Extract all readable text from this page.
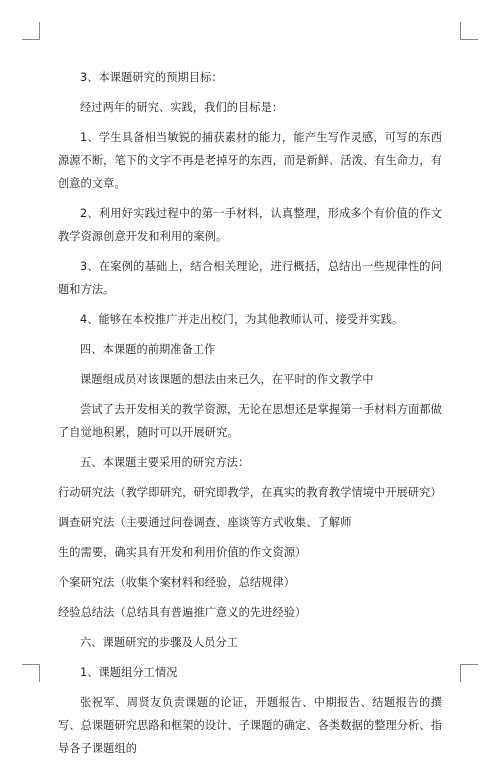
3、本课题研究的预期目标：

经过两年的研究、实践，我们的目标是：

1、学生具备相当敏锐的捕获素材的能力，能产生写作灵感，可写的东西源源不断，笔下的文字不再是老掉牙的东西，而是新鲜、活泼、有生命力，有创意的文章。

2、利用好实践过程中的第一手材料，认真整理，形成多个有价值的作文教学资源创意开发和利用的案例。

3、在案例的基础上，结合相关理论，进行概括，总结出一些规律性的问题和方法。

4、能够在本校推广并走出校门，为其他教师认可、接受并实践。

四、本课题的前期准备工作

课题组成员对该课题的想法由来已久，在平时的作文教学中

尝试了去开发相关的教学资源，无论在思想还是掌握第一手材料方面都做了自觉地积累，随时可以开展研究。

五、本课题主要采用的研究方法：

行动研究法（教学即研究，研究即教学，在真实的教育教学情境中开展研究）

调查研究法（主要通过问卷调查、座谈等方式收集、了解师

生的需要，确实具有开发和利用价值的作文资源）

个案研究法（收集个案材料和经验，总结规律）

经验总结法（总结具有普遍推广意义的先进经验）

六、课题研究的步骤及人员分工

1、课题组分工情况

张祝军、周贤友负责课题的论证，开题报告、中期报告、结题报告的撰写、总课题研究思路和框架的设计、子课题的确定、各类数据的整理分析、指导各子课题组的
